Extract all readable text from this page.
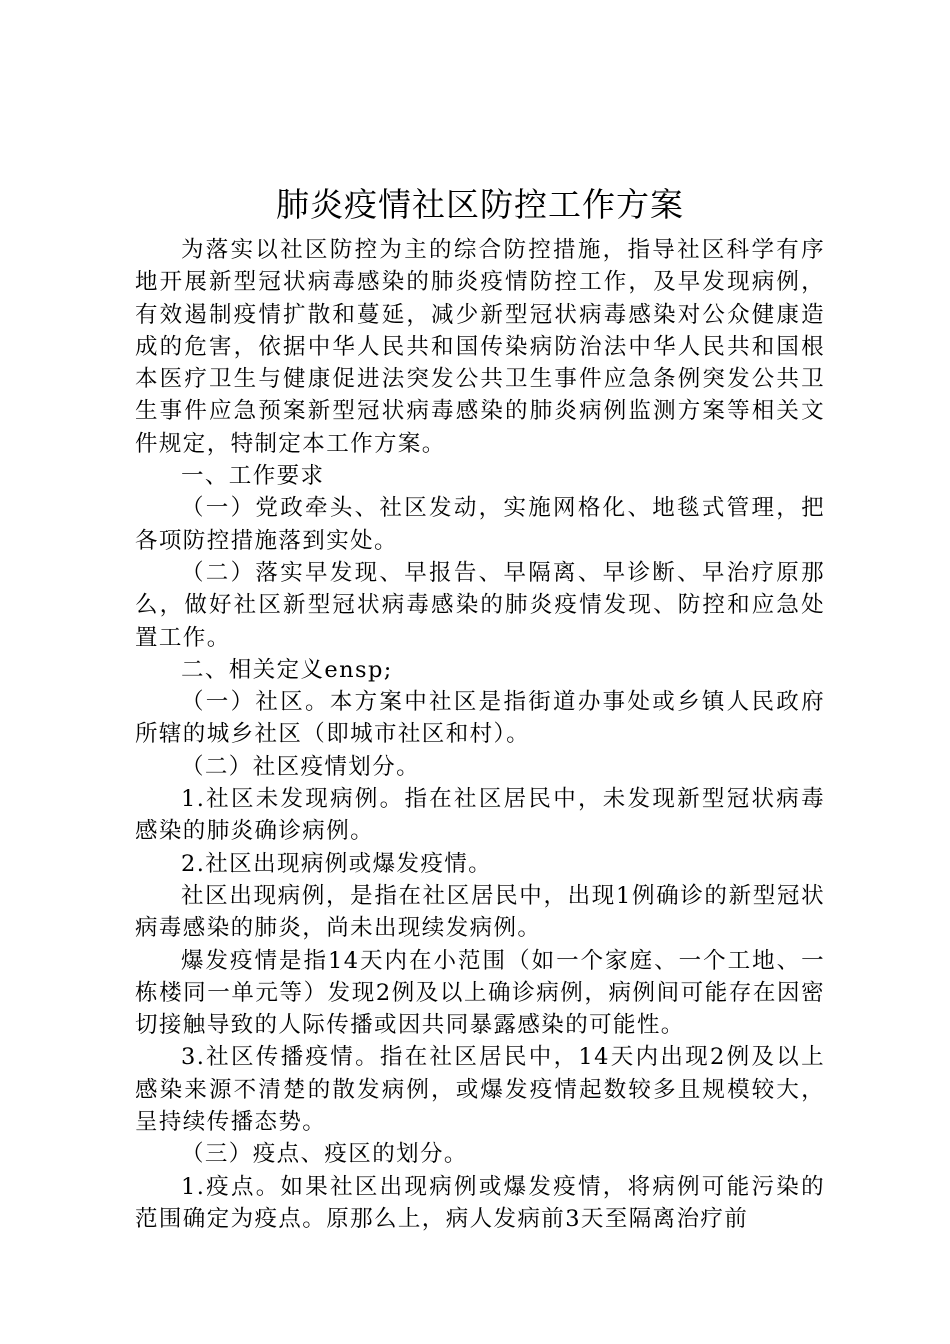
肺炎疫情社区防控工作方案

为落实以社区防控为主的综合防控措施，指导社区科学有序地开展新型冠状病毒感染的肺炎疫情防控工作，及早发现病例，有效遏制疫情扩散和蔓延，减少新型冠状病毒感染对公众健康造成的危害，依据中华人民共和国传染病防治法中华人民共和国根本医疗卫生与健康促进法突发公共卫生事件应急条例突发公共卫生事件应急预案新型冠状病毒感染的肺炎病例监测方案等相关文件规定，特制定本工作方案。

一、工作要求

（一）党政牵头、社区发动，实施网格化、地毯式管理，把各项防控措施落到实处。

（二）落实早发现、早报告、早隔离、早诊断、早治疗原那么，做好社区新型冠状病毒感染的肺炎疫情发现、防控和应急处置工作。

二、相关定义ensp;

（一）社区。本方案中社区是指街道办事处或乡镇人民政府所辖的城乡社区（即城市社区和村）。

（二）社区疫情划分。

1.社区未发现病例。指在社区居民中，未发现新型冠状病毒感染的肺炎确诊病例。

2.社区出现病例或爆发疫情。

社区出现病例，是指在社区居民中，出现1例确诊的新型冠状病毒感染的肺炎，尚未出现续发病例。

爆发疫情是指14天内在小范围（如一个家庭、一个工地、一栋楼同一单元等）发现2例及以上确诊病例，病例间可能存在因密切接触导致的人际传播或因共同暴露感染的可能性。

3.社区传播疫情。指在社区居民中，14天内出现2例及以上感染来源不清楚的散发病例，或爆发疫情起数较多且规模较大，呈持续传播态势。

（三）疫点、疫区的划分。

1.疫点。如果社区出现病例或爆发疫情，将病例可能污染的范围确定为疫点。原那么上，病人发病前3天至隔离治疗前
